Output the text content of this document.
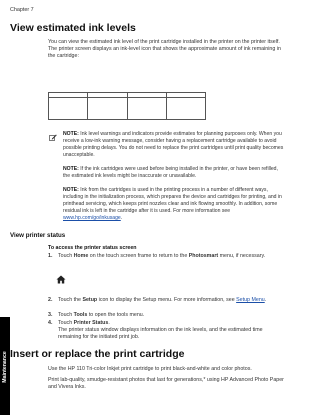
Chapter 7
View estimated ink levels

You can view the estimated ink level of the print cartridge installed in the printer on the printer itself. The printer screen displays an ink-level icon that shows the approximate amount of ink remaining in the cartridge:

NOTE: Ink level warnings and indicators provide estimates for planning purposes only. When you receive a low-ink warning message, consider having a replacement cartridge available to avoid possible printing delays. You do not need to replace the print cartridges until print quality becomes unacceptable.
NOTE: If the ink cartridges were used before being installed in the printer, or have been refilled, the estimated ink levels might be inaccurate or unavailable.
NOTE: Ink from the cartridges is used in the printing process in a number of different ways, including in the initialization process, which prepares the device and cartridges for printing, and in printhead servicing, which keeps print nozzles clear and ink flowing smoothly. In addition, some residual ink is left in the cartridge after it is used. For more information see www.hp.com/go/inkusage.
View printer status
To access the printer status screen
1. Touch Home on the touch screen frame to return to the Photosmart menu, if necessary.
2. Touch the Setup icon to display the Setup menu. For more information, see Setup Menu.
3. Touch Tools to open the tools menu.
4. Touch Printer Status.
The printer status window displays information on the ink levels, and the estimated time remaining for the initiated print job.
Insert or replace the print cartridge

Use the HP 110 Tri-color Inkjet print cartridge to print black-and-white and color photos.

Print lab-quality, smudge-resistant photos that last for generations,* using HP Advanced Photo Paper and Vivera Inks.

Maintenance
